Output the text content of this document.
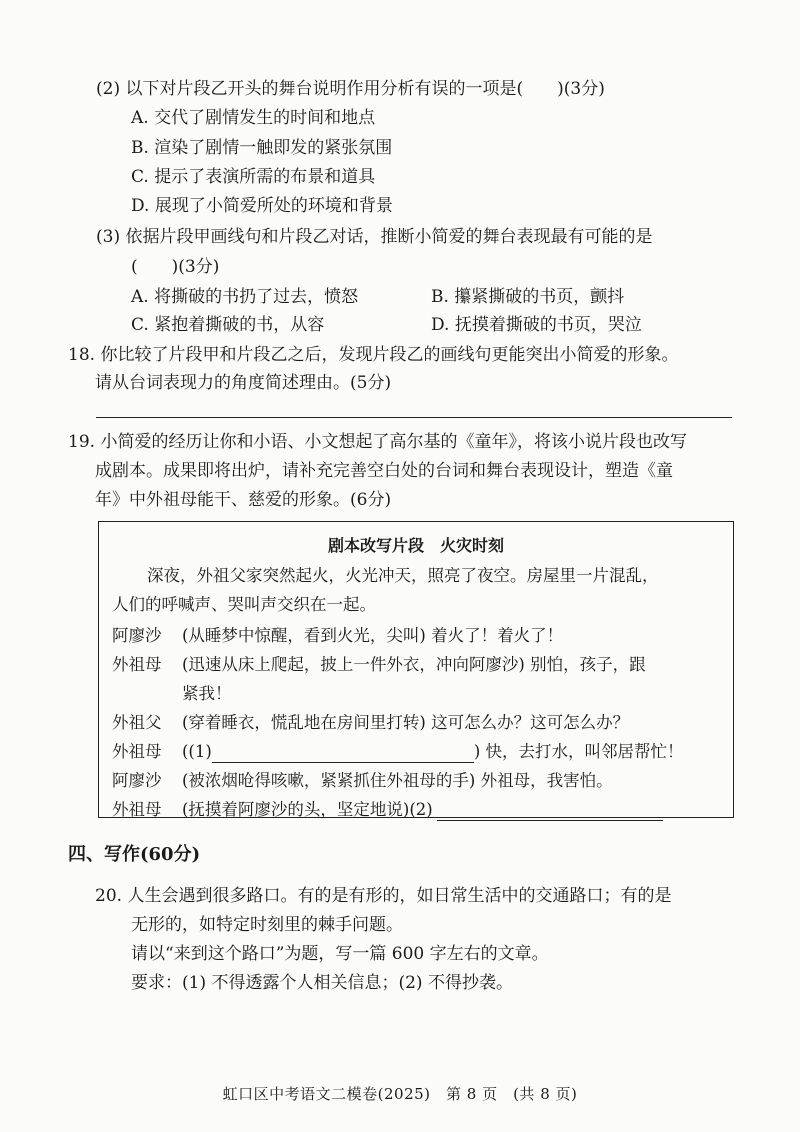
(2) 以下对片段乙开头的舞台说明作用分析有误的一项是(　　)(3分)
A. 交代了剧情发生的时间和地点
B. 渲染了剧情一触即发的紧张氛围
C. 提示了表演所需的布景和道具
D. 展现了小简爱所处的环境和背景
(3) 依据片段甲画线句和片段乙对话，推断小简爱的舞台表现最有可能的是
(　　)(3分)
A. 将撕破的书扔了过去，愤怒	B. 攥紧撕破的书页，颤抖
C. 紧抱着撕破的书，从容	D. 抚摸着撕破的书页，哭泣
18. 你比较了片段甲和片段乙之后，发现片段乙的画线句更能突出小简爱的形象。
请从台词表现力的角度简述理由。(5分)
19. 小简爱的经历让你和小语、小文想起了高尔基的《童年》，将该小说片段也改写
成剧本。成果即将出炉，请补充完善空白处的台词和舞台表现设计，塑造《童
年》中外祖母能干、慈爱的形象。(6分)
剧本改写片段　火灾时刻
深夜，外祖父家突然起火，火光冲天，照亮了夜空。房屋里一片混乱，
人们的呼喊声、哭叫声交织在一起。
阿廖沙 (从睡梦中惊醒，看到火光，尖叫) 着火了！着火了！
外祖母 (迅速从床上爬起，披上一件外衣，冲向阿廖沙) 别怕，孩子，跟
紧我！
外祖父 (穿着睡衣，慌乱地在房间里打转) 这可怎么办？这可怎么办？
外祖母 ((1)	) 快，去打水，叫邻居帮忙！
阿廖沙 (被浓烟呛得咳嗽，紧紧抓住外祖母的手) 外祖母，我害怕。
外祖母 (抚摸着阿廖沙的头，坚定地说)(2)
四、写作(60分)
20. 人生会遇到很多路口。有的是有形的，如日常生活中的交通路口；有的是
无形的，如特定时刻里的棘手问题。
请以“来到这个路口”为题，写一篇 600 字左右的文章。
要求：(1) 不得透露个人相关信息；(2) 不得抄袭。
虹口区中考语文二模卷(2025)　第 8 页　(共 8 页)
